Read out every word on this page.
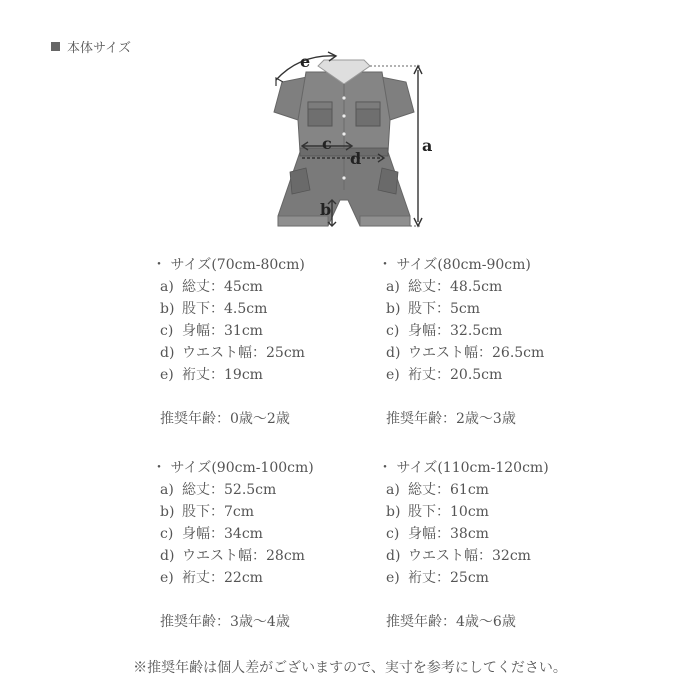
本体サイズ
a
b
c
d
e
・ サイズ(70cm-80cm)
a) 総丈：45cm
b) 股下：4.5cm
c) 身幅：31cm
d) ウエスト幅：25cm
e) 裄丈：19cm
推奨年齢：0歳〜2歳
・ サイズ(80cm-90cm)
a) 総丈：48.5cm
b) 股下：5cm
c) 身幅：32.5cm
d) ウエスト幅：26.5cm
e) 裄丈：20.5cm
推奨年齢：2歳〜3歳
・ サイズ(90cm-100cm)
a) 総丈：52.5cm
b) 股下：7cm
c) 身幅：34cm
d) ウエスト幅：28cm
e) 裄丈：22cm
推奨年齢：3歳〜4歳
・ サイズ(110cm-120cm)
a) 総丈：61cm
b) 股下：10cm
c) 身幅：38cm
d) ウエスト幅：32cm
e) 裄丈：25cm
推奨年齢：4歳〜6歳
※推奨年齢は個人差がございますので、実寸を参考にしてください。
